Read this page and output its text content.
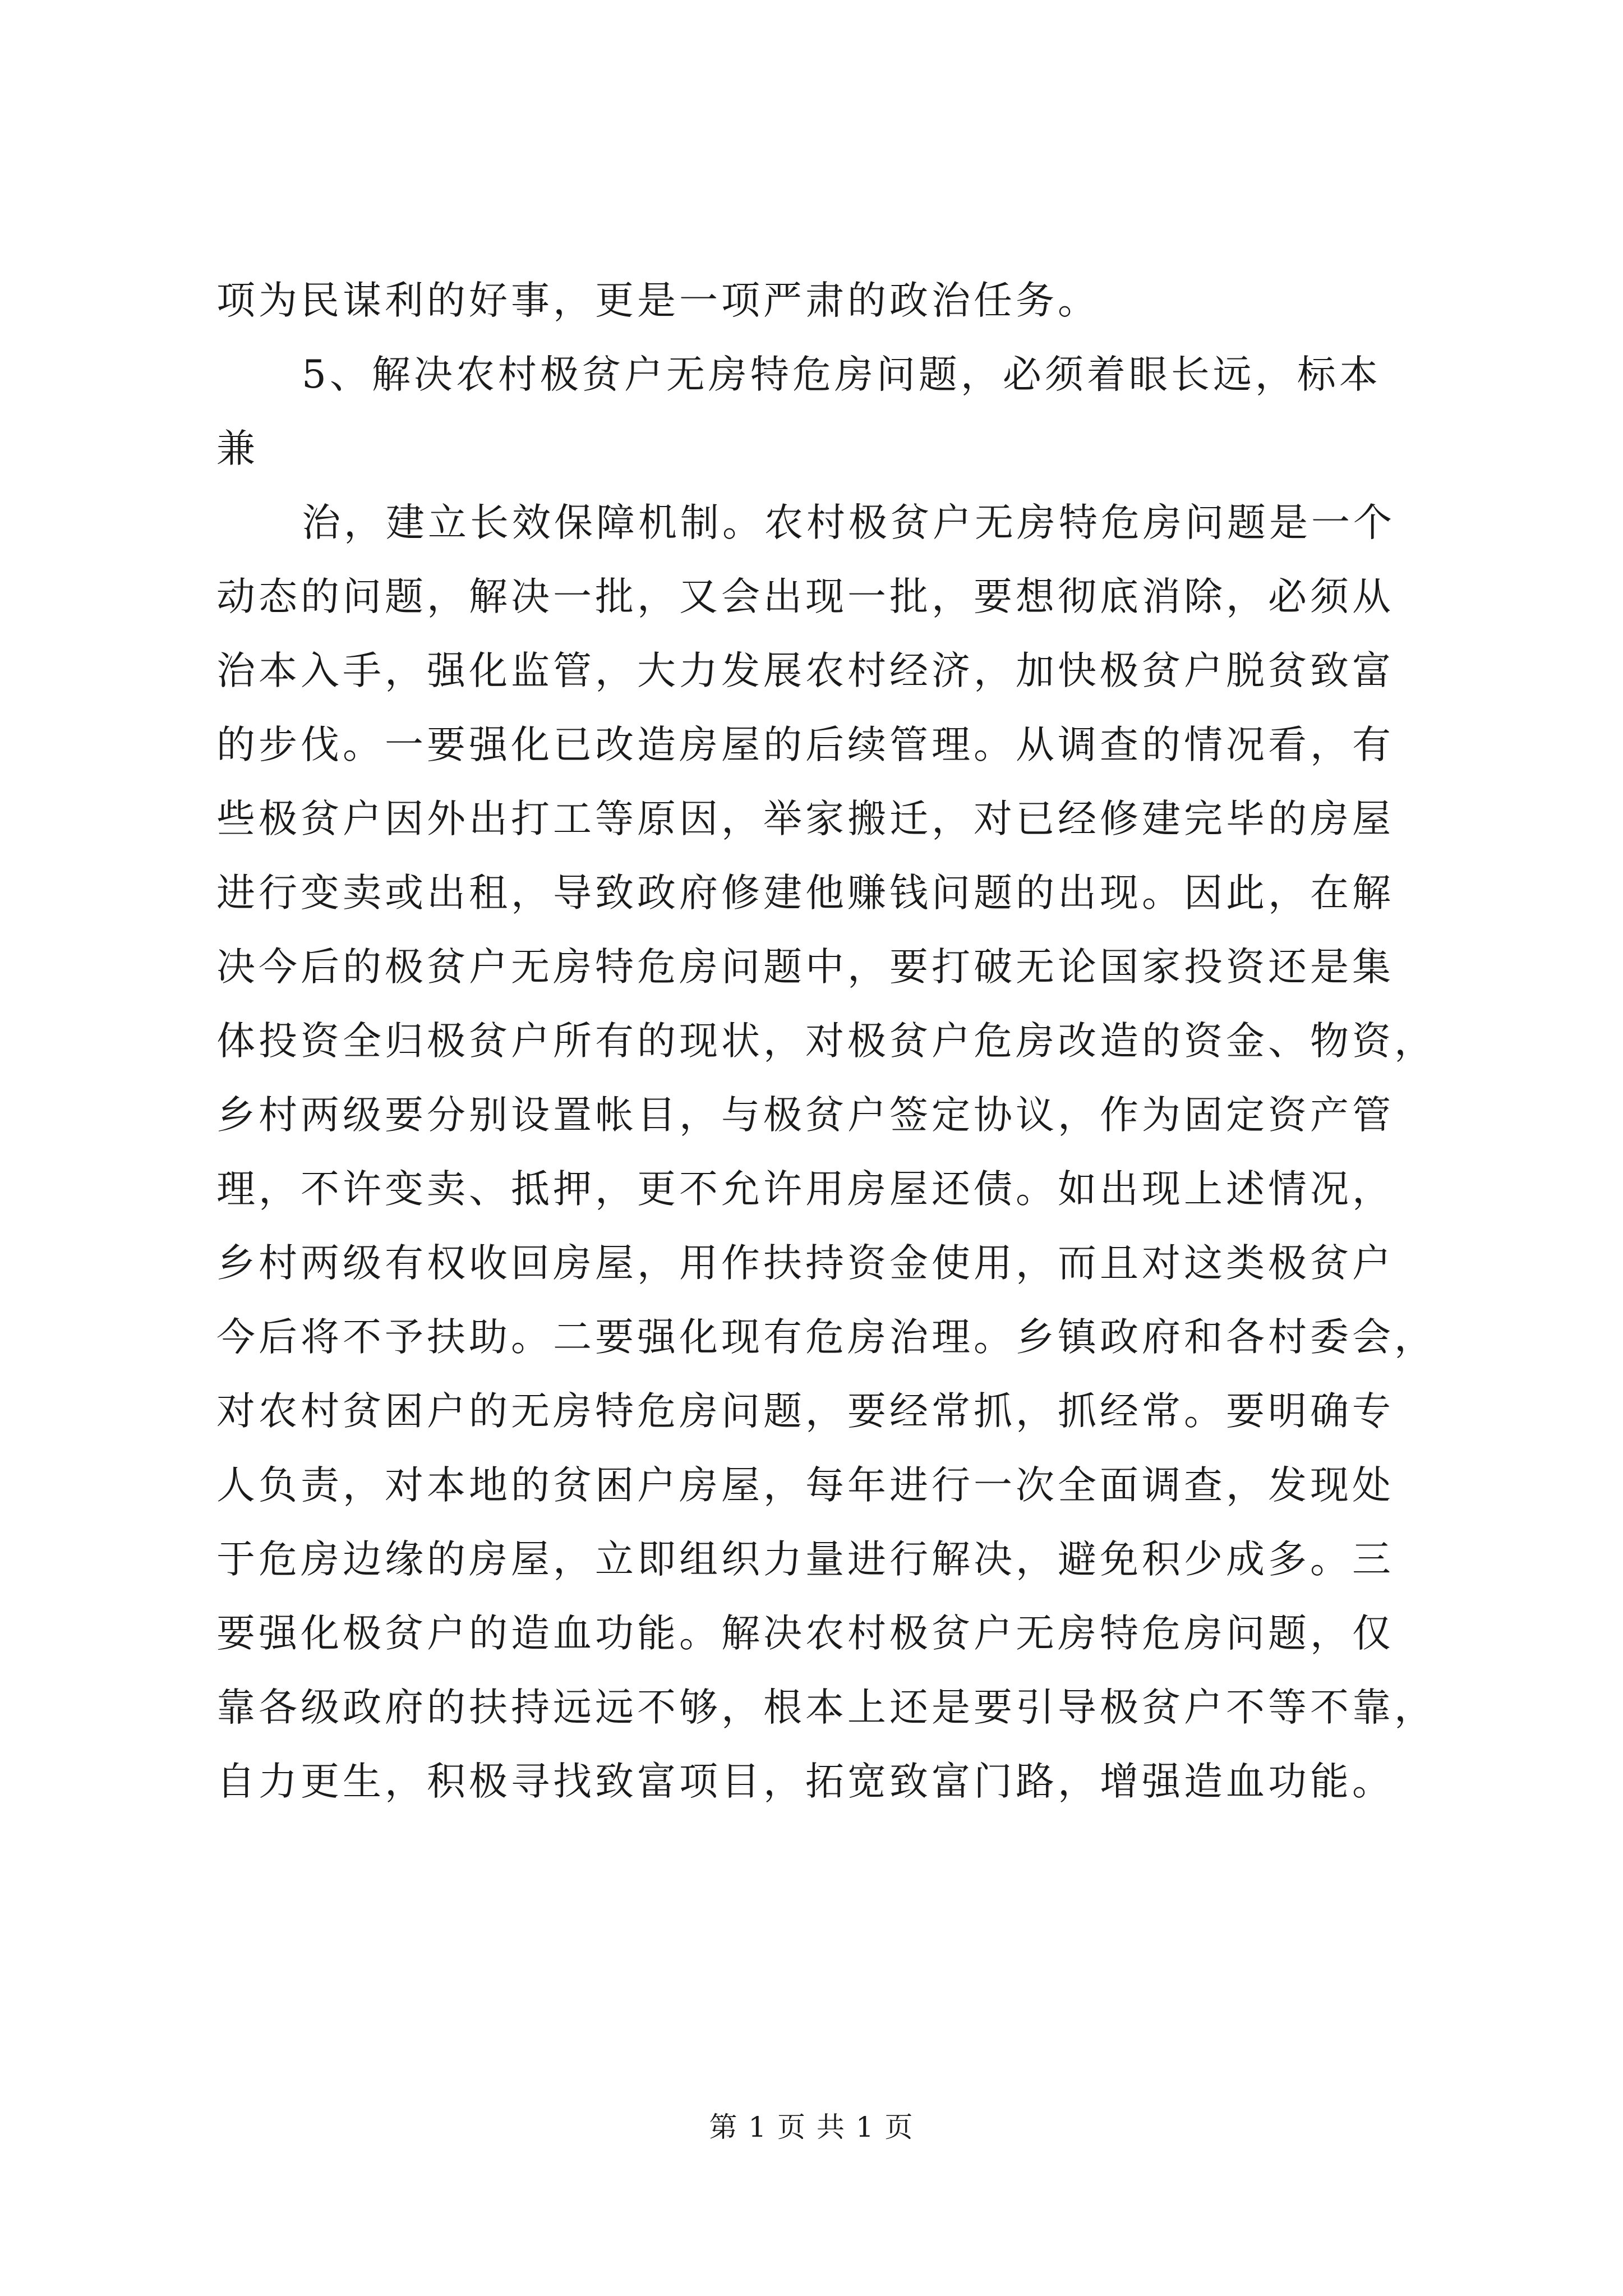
项为民谋利的好事，更是一项严肃的政治任务。
5、解决农村极贫户无房特危房问题，必须着眼长远，标本
兼
治，建立长效保障机制。农村极贫户无房特危房问题是一个
动态的问题，解决一批，又会出现一批，要想彻底消除，必须从
治本入手，强化监管，大力发展农村经济，加快极贫户脱贫致富
的步伐。一要强化已改造房屋的后续管理。从调查的情况看，有
些极贫户因外出打工等原因，举家搬迁，对已经修建完毕的房屋
进行变卖或出租，导致政府修建他赚钱问题的出现。因此，在解
决今后的极贫户无房特危房问题中，要打破无论国家投资还是集
体投资全归极贫户所有的现状，对极贫户危房改造的资金、物资，
乡村两级要分别设置帐目，与极贫户签定协议，作为固定资产管
理，不许变卖、抵押，更不允许用房屋还债。如出现上述情况，
乡村两级有权收回房屋，用作扶持资金使用，而且对这类极贫户
今后将不予扶助。二要强化现有危房治理。乡镇政府和各村委会，
对农村贫困户的无房特危房问题，要经常抓，抓经常。要明确专
人负责，对本地的贫困户房屋，每年进行一次全面调查，发现处
于危房边缘的房屋，立即组织力量进行解决，避免积少成多。三
要强化极贫户的造血功能。解决农村极贫户无房特危房问题，仅
靠各级政府的扶持远远不够，根本上还是要引导极贫户不等不靠，
自力更生，积极寻找致富项目，拓宽致富门路，增强造血功能。
第 1 页 共 1 页
